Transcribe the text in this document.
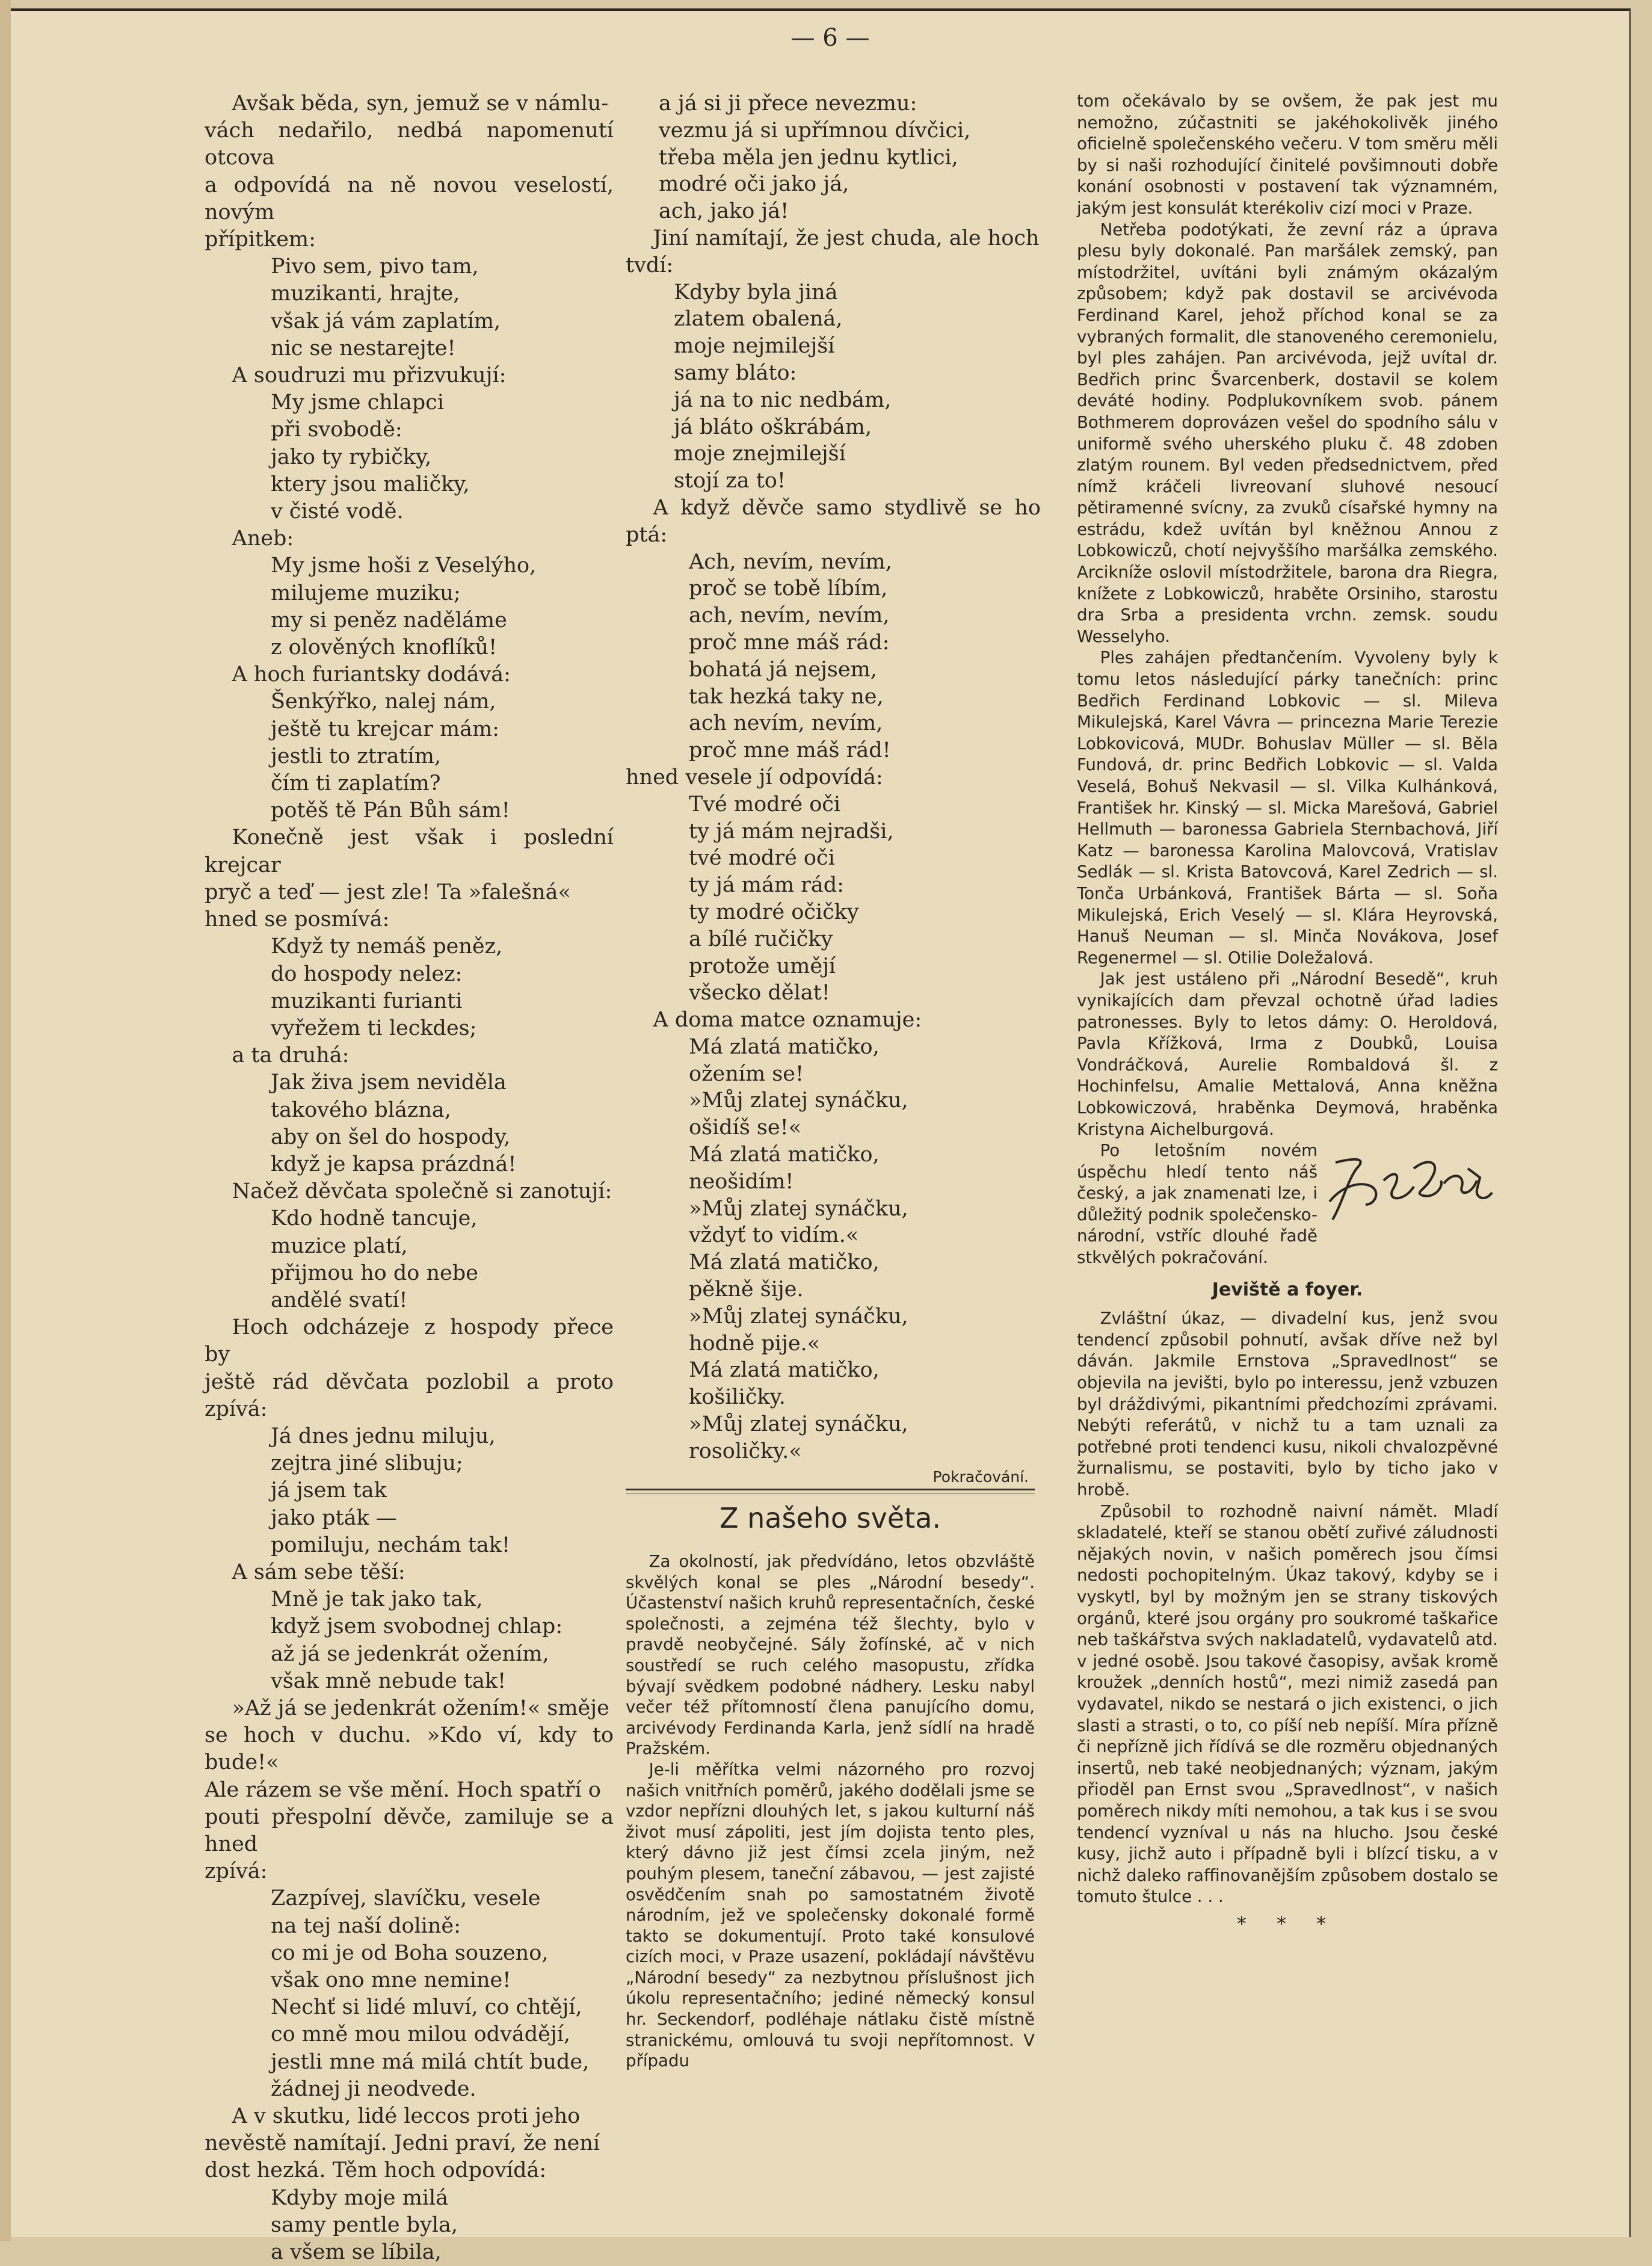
— 6 —
Avšak běda, syn, jemuž se v námlu-
vách nedařilo, nedbá napomenutí otcova
a odpovídá na ně novou veselostí, novým
přípitkem:
Pivo sem, pivo tam,
muzikanti, hrajte,
však já vám zaplatím,
nic se nestarejte!
A soudruzi mu přizvukují:
My jsme chlapci
při svobodě:
jako ty rybičky,
ktery jsou maličky,
v čisté vodě.
Aneb:
My jsme hoši z Veselýho,
milujeme muziku;
my si peněz naděláme
z olověných knoflíků!
A hoch furiantsky dodává:
Šenkýřko, nalej nám,
ještě tu krejcar mám:
jestli to ztratím,
čím ti zaplatím?
potěš tě Pán Bůh sám!
Konečně jest však i poslední krejcar
pryč a teď — jest zle! Ta »falešná«
hned se posmívá:
Když ty nemáš peněz,
do hospody nelez:
muzikanti furianti
vyřežem ti leckdes;
a ta druhá:
Jak živa jsem neviděla
takového blázna,
aby on šel do hospody,
když je kapsa prázdná!
Načež děvčata společně si zanotují:
Kdo hodně tancuje,
muzice platí,
přijmou ho do nebe
andělé svatí!
Hoch odcházeje z hospody přece by
ještě rád děvčata pozlobil a proto zpívá:
Já dnes jednu miluju,
zejtra jiné slibuju;
já jsem tak
jako pták —
pomiluju, nechám tak!
A sám sebe těší:
Mně je tak jako tak,
když jsem svobodnej chlap:
až já se jedenkrát ožením,
však mně nebude tak!
»Až já se jedenkrát ožením!« směje
se hoch v duchu. »Kdo ví, kdy to bude!«
Ale rázem se vše mění. Hoch spatří o
pouti přespolní děvče, zamiluje se a hned
zpívá:
Zazpívej, slavíčku, vesele
na tej naší dolině:
co mi je od Boha souzeno,
však ono mne nemine!
Nechť si lidé mluví, co chtějí,
co mně mou milou odvádějí,
jestli mne má milá chtít bude,
žádnej ji neodvede.
A v skutku, lidé leccos proti jeho
nevěstě namítají. Jedni praví, že není
dost hezká. Těm hoch odpovídá:
Kdyby moje milá
samy pentle byla,
a všem se líbila,
a já si ji přece nevezmu:
vezmu já si upřímnou dívčici,
třeba měla jen jednu kytlici,
modré oči jako já,
ach, jako já!
Jiní namítají, že jest chuda, ale hoch
tvdí:
Kdyby byla jiná
zlatem obalená,
moje nejmilejší
samy bláto:
já na to nic nedbám,
já bláto oškrábám,
moje znejmilejší
stojí za to!
A když děvče samo stydlivě se ho ptá:
Ach, nevím, nevím,
proč se tobě líbím,
ach, nevím, nevím,
proč mne máš rád:
bohatá já nejsem,
tak hezká taky ne,
ach nevím, nevím,
proč mne máš rád!
hned vesele jí odpovídá:
Tvé modré oči
ty já mám nejradši,
tvé modré oči
ty já mám rád:
ty modré očičky
a bílé ručičky
protože umějí
všecko dělat!
A doma matce oznamuje:
Má zlatá matičko,
ožením se!
»Můj zlatej synáčku,
ošidíš se!«
Má zlatá matičko,
neošidím!
»Můj zlatej synáčku,
vždyť to vidím.«
Má zlatá matičko,
pěkně šije.
»Můj zlatej synáčku,
hodně pije.«
Má zlatá matičko,
košiličky.
»Můj zlatej synáčku,
rosoličky.«
Pokračování.
Z našeho světa.
Za okolností, jak předvídáno, letos obzvláště skvělých konal se ples „Národní besedy“. Účastenství našich kruhů representačních, české společnosti, a zejména též šlechty, bylo v pravdě neobyčejné. Sály žofínské, ač v nich soustředí se ruch celého masopustu, zřídka bývají svědkem podobné nádhery. Lesku nabyl večer též přítomností člena panujícího domu, arcivévody Ferdinanda Karla, jenž sídlí na hradě Pražském.
Je-li měřítka velmi názorného pro rozvoj našich vnitřních poměrů, jakého dodělali jsme se vzdor nepřízni dlouhých let, s jakou kulturní náš život musí zápoliti, jest jím dojista tento ples, který dávno již jest čímsi zcela jiným, než pouhým plesem, taneční zábavou, — jest zajisté osvědčením snah po samostatném životě národním, jež ve společensky dokonalé formě takto se dokumentují. Proto také konsulové cizích moci, v Praze usazení, pokládají návštěvu „Národní besedy“ za nezbytnou příslušnost jich úkolu representačního; jediné německý konsul hr. Seckendorf, podléhaje nátlaku čistě místně stranickému, omlouvá tu svoji nepřítomnost. V případu
tom očekávalo by se ovšem, že pak jest mu nemožno, zúčastniti se jakéhokolivěk jiného oficielně společenského večeru. V tom směru měli by si naši rozhodující činitelé povšimnouti dobře konání osobnosti v postavení tak významném, jakým jest konsulát kterékoliv cizí moci v Praze.
Netřeba podotýkati, že zevní ráz a úprava plesu byly dokonalé. Pan maršálek zemský, pan místodržitel, uvítáni byli známým okázalým způsobem; když pak dostavil se arcivévoda Ferdinand Karel, jehož příchod konal se za vybraných formalit, dle stanoveného ceremonielu, byl ples zahájen. Pan arcivévoda, jejž uvítal dr. Bedřich princ Švarcenberk, dostavil se kolem deváté hodiny. Podplukovníkem svob. pánem Bothmerem doprovázen vešel do spodního sálu v uniformě svého uherského pluku č. 48 zdoben zlatým rounem. Byl veden předsednictvem, před nímž kráčeli livreovaní sluhové nesoucí pětiramenné svícny, za zvuků císařské hymny na estrádu, kdež uvítán byl kněžnou Annou z Lobkowiczů, chotí nejvyššího maršálka zemského. Arcikníže oslovil místodržitele, barona dra Riegra, knížete z Lobkowiczů, hraběte Orsiniho, starostu dra Srba a presidenta vrchn. zemsk. soudu Wesselyho.
Ples zahájen předtančením. Vyvoleny byly k tomu letos následující párky tanečních: princ Bedřich Ferdinand Lobkovic — sl. Mileva Mikulejská, Karel Vávra — princezna Marie Terezie Lobkovicová, MUDr. Bohuslav Müller — sl. Běla Fundová, dr. princ Bedřich Lobkovic — sl. Valda Veselá, Bohuš Nekvasil — sl. Vilka Kulhánková, František hr. Kinský — sl. Micka Marešová, Gabriel Hellmuth — baronessa Gabriela Sternbachová, Jiří Katz — baronessa Karolina Malovcová, Vratislav Sedlák — sl. Krista Batovcová, Karel Zedrich — sl. Tonča Urbánková, František Bárta — sl. Soňa Mikulejská, Erich Veselý — sl. Klára Heyrovská, Hanuš Neuman — sl. Minča Novákova, Josef Regenermel — sl. Otilie Doležalová.
Jak jest ustáleno při „Národní Besedě“, kruh vynikajících dam převzal ochotně úřad ladies patronesses. Byly to letos dámy: O. Heroldová, Pavla Křížková, Irma z Doubků, Louisa Vondráčková, Aurelie Rombaldová šl. z Hochinfelsu, Amalie Mettalová, Anna kněžna Lobkowiczová, hraběnka Deymová, hraběnka Kristyna Aichelburgová.
Po letošním novém úspěchu hledí tento náš český, a jak znamenati lze, i důležitý podnik společensko-národní, vstříc dlouhé řadě stkvělých pokračování.
Jeviště a foyer.
Zvláštní úkaz, — divadelní kus, jenž svou tendencí způsobil pohnutí, avšak dříve než byl dáván. Jakmile Ernstova „Spravedlnost“ se objevila na jevišti, bylo po interessu, jenž vzbuzen byl dráždivými, pikantními předchozími zprávami. Nebýti referátů, v nichž tu a tam uznali za potřebné proti tendenci kusu, nikoli chvalozpěvné žurnalismu, se postaviti, bylo by ticho jako v hrobě.
Způsobil to rozhodně naivní námět. Mladí skladatelé, kteří se stanou obětí zuřivé záludnosti nějakých novin, v našich poměrech jsou čímsi nedosti pochopitelným. Úkaz takový, kdyby se i vyskytl, byl by možným jen se strany tiskových orgánů, které jsou orgány pro soukromé taškařice neb taškářstva svých nakladatelů, vydavatelů atd. v jedné osobě. Jsou takové časopisy, avšak kromě kroužek „denních hostů“, mezi nimiž zasedá pan vydavatel, nikdo se nestará o jich existenci, o jich slasti a strasti, o to, co píší neb nepíší. Míra přízně či nepřízně jich řídívá se dle rozměru objednaných insertů, neb také neobjednaných; význam, jakým přioděl pan Ernst svou „Spravedlnost“, v našich poměrech nikdy míti nemohou, a tak kus i se svou tendencí vyzníval u nás na hlucho. Jsou české kusy, jichž auto i případně byli i blízcí tisku, a v nichž daleko raffinovanějším způsobem dostalo se tomuto štulce . . .
* * *
